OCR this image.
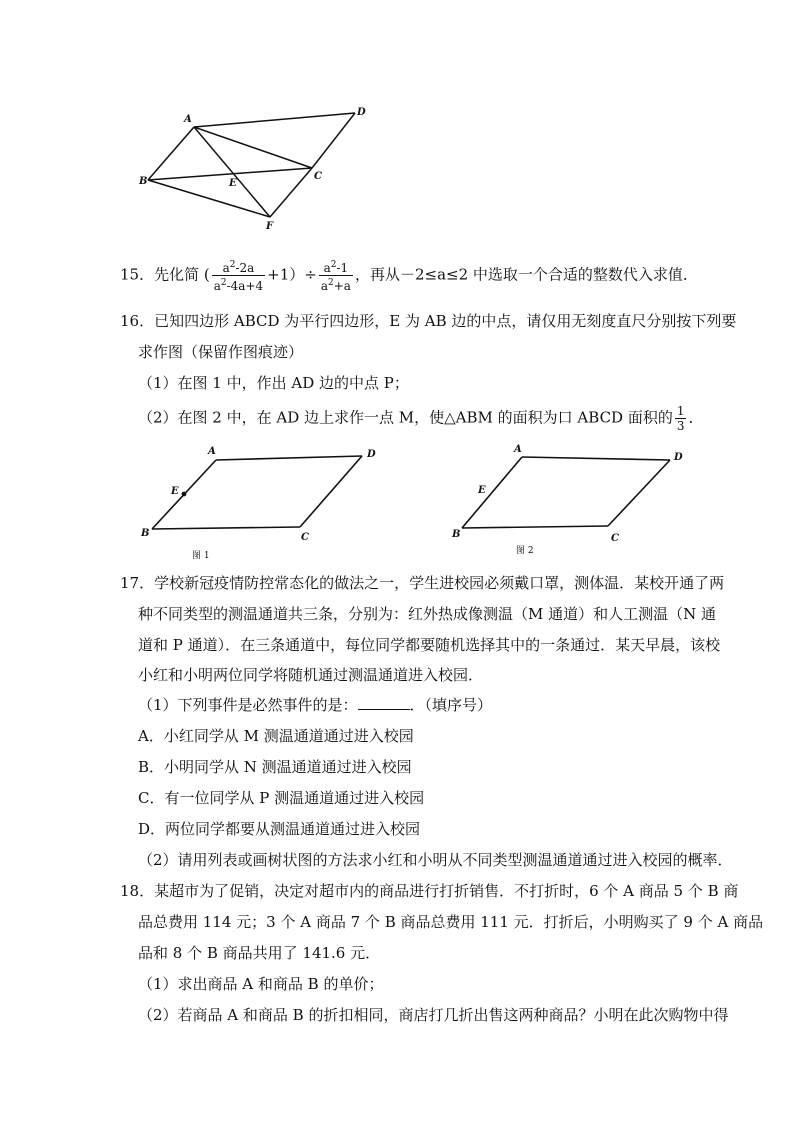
A
B	C
D
E
F
15．先化简 ( $\frac{a^2-2a}{a^2-4a+4} +1)\div \frac{a^2-1}{a^2+a}$ ，再从－2≤a≤2 中选取一个合适的整数代入求值．
16．已知四边形 ABCD 为平行四边形，E 为 AB 边的中点，请仅用无刻度直尺分别按下列要
求作图（保留作图痕迹）
（1）在图 1 中，作出 AD 边的中点 P；
（2）在图 2 中，在 AD 边上求作一点 M，使△ABM 的面积为口 ABCD 面积的 $\frac{1}{3}$ ．
A	D
E
B	C
图 1
A
D
E
B	C
图 2
17．学校新冠疫情防控常态化的做法之一，学生进校园必须戴口罩，测体温．某校开通了两
种不同类型的测温通道共三条，分别为：红外热成像测温（M 通道）和人工测温（N 通
道和 P 通道）．在三条通道中，每位同学都要随机选择其中的一条通过．某天早晨，该校
小红和小明两位同学将随机通过测温通道进入校园．
（1）下列事件是必然事件的是：	．（填序号）
A．小红同学从 M 测温通道通过进入校园
B．小明同学从 N 测温通道通过进入校园
C．有一位同学从 P 测温通道通过进入校园
D．两位同学都要从测温通道通过进入校园
（2）请用列表或画树状图的方法求小红和小明从不同类型测温通道通过进入校园的概率．
18．某超市为了促销，决定对超市内的商品进行打折销售．不打折时，6 个 A 商品 5 个 B 商
品总费用 114 元；3 个 A 商品 7 个 B 商品总费用 111 元．打折后，小明购买了 9 个 A 商品
品和 8 个 B 商品共用了 141.6 元．
（1）求出商品 A 和商品 B 的单价；
（2）若商品 A 和商品 B 的折扣相同，商店打几折出售这两种商品？小明在此次购物中得
